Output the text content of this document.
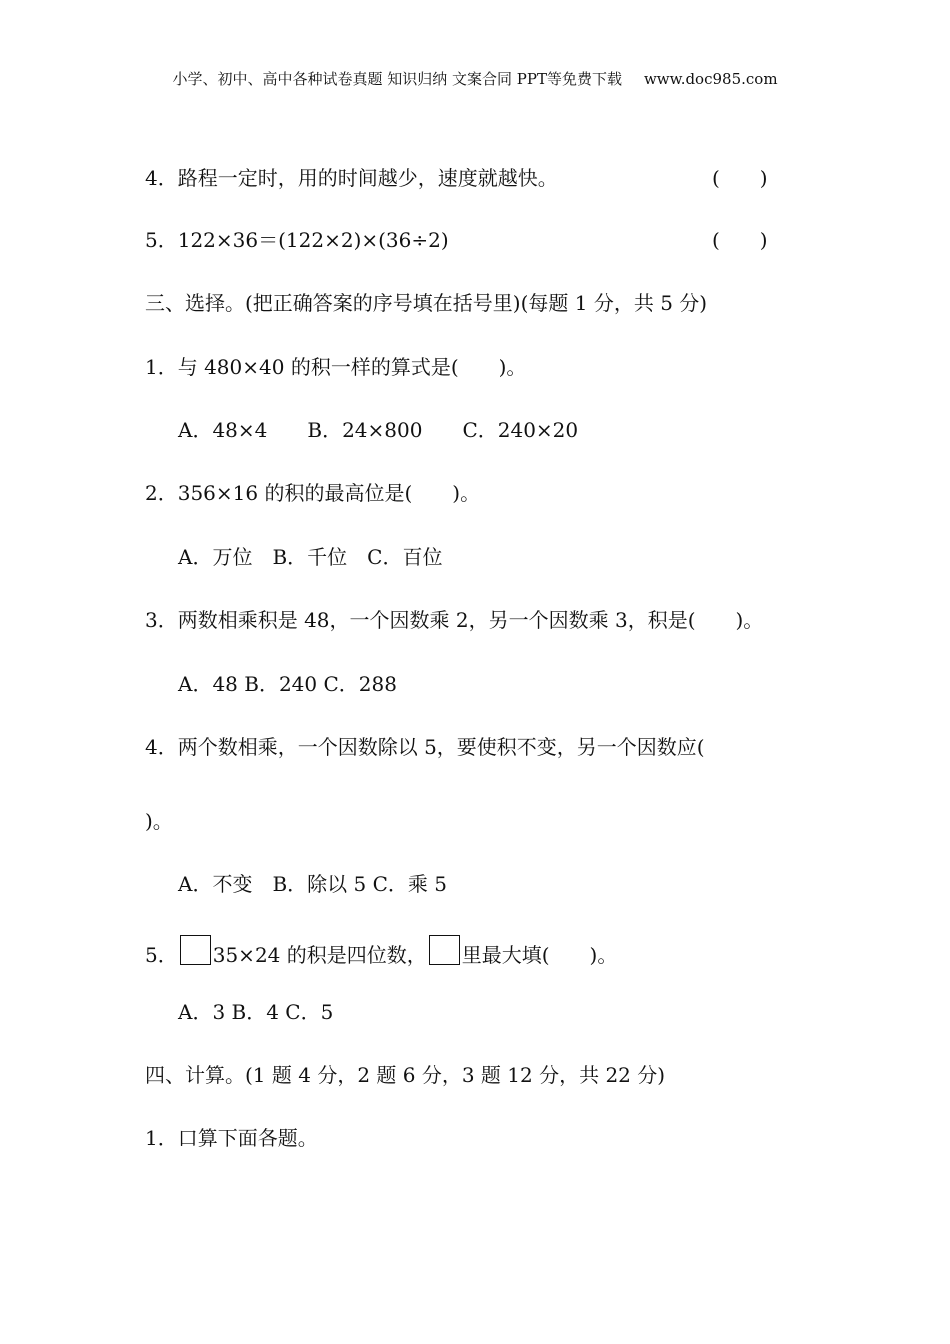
小学、初中、高中各种试卷真题 知识归纳 文案合同 PPT等免费下载 www.doc985.com
4．路程一定时，用的时间越少，速度就越快。	(　　)
5．122×36＝(122×2)×(36÷2)	(　　)
三、选择。(把正确答案的序号填在括号里)(每题 1 分，共 5 分)
1．与 480×40 的积一样的算式是(　　)。
A．48×4　　B．24×800　　C．240×20
2．356×16 的积的最高位是(　　)。
A．万位　B．千位　C．百位
3．两数相乘积是 48，一个因数乘 2，另一个因数乘 3，积是(　　)。
A．48 B．240 C．288
4．两个数相乘，一个因数除以 5，要使积不变，另一个因数应(
)。
A．不变　B．除以 5 C．乘 5
5． 35×24 的积是四位数， 里最大填(　　)。
A．3 B．4 C．5
四、计算。(1 题 4 分，2 题 6 分，3 题 12 分，共 22 分)
1．口算下面各题。
